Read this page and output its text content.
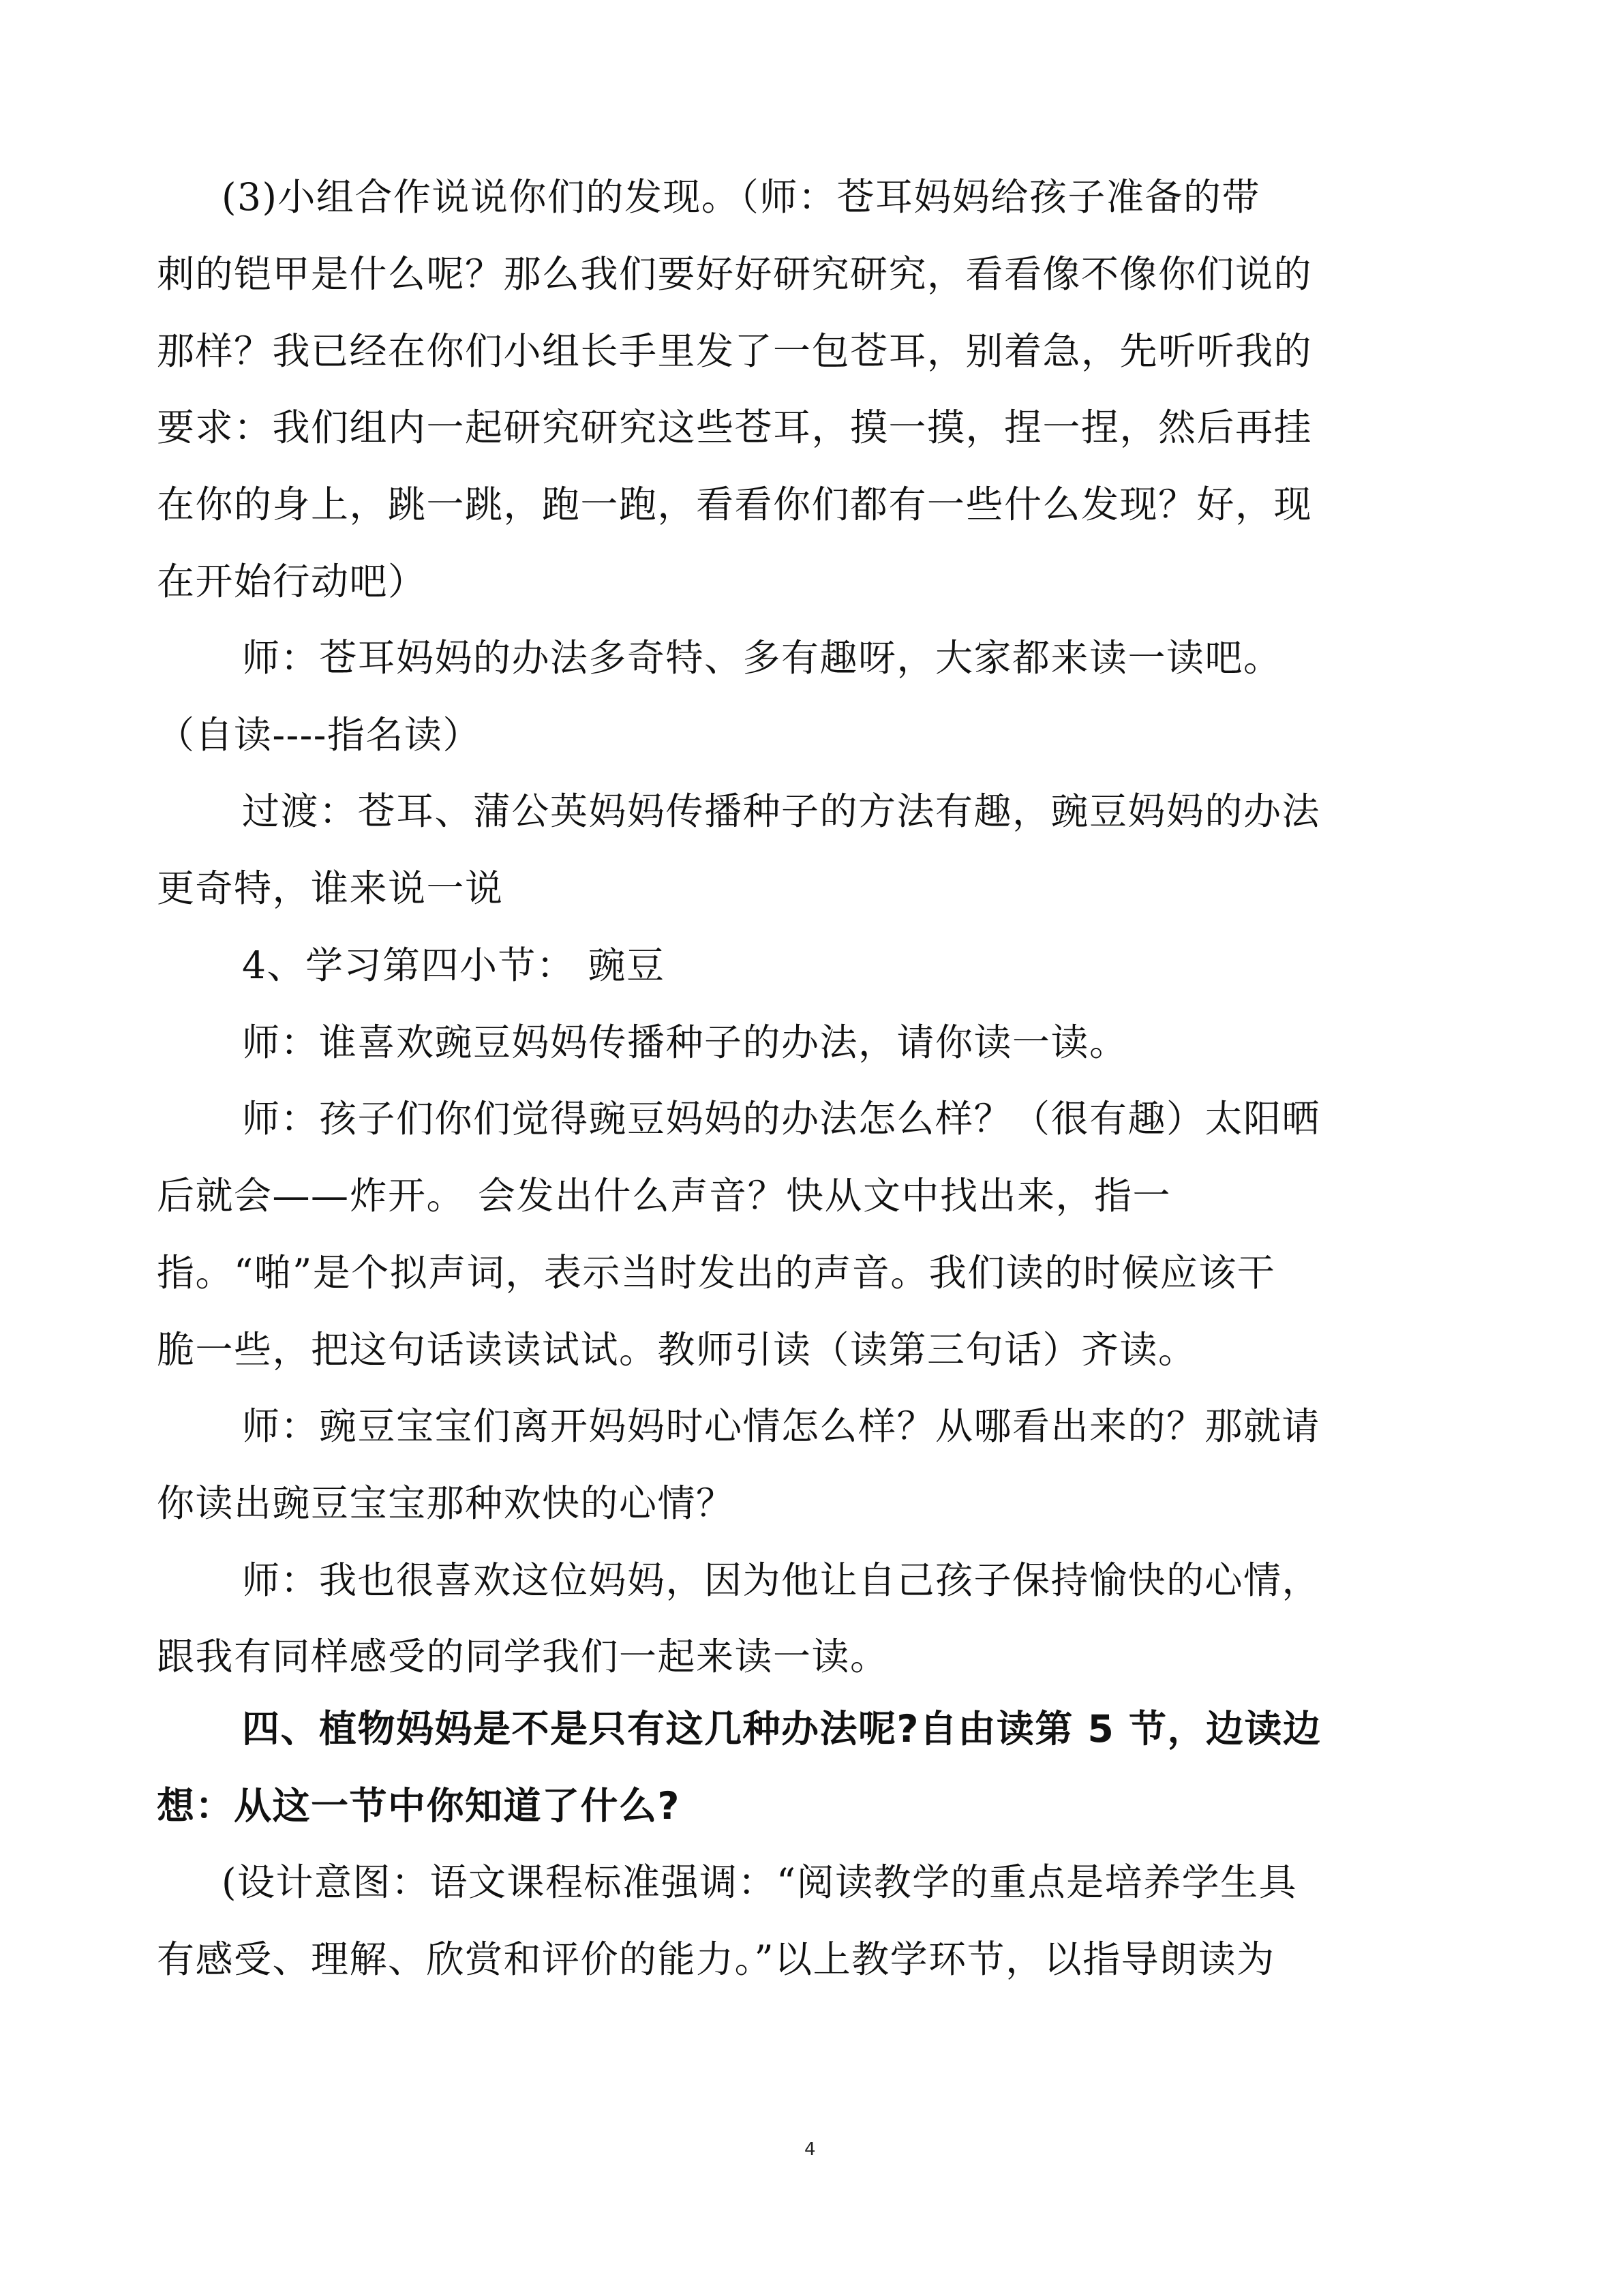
(3)小组合作说说你们的发现。（师：苍耳妈妈给孩子准备的带
刺的铠甲是什么呢？那么我们要好好研究研究，看看像不像你们说的
那样？我已经在你们小组长手里发了一包苍耳，别着急，先听听我的
要求：我们组内一起研究研究这些苍耳，摸一摸，捏一捏，然后再挂
在你的身上，跳一跳，跑一跑，看看你们都有一些什么发现？好，现
在开始行动吧）
师：苍耳妈妈的办法多奇特、多有趣呀，大家都来读一读吧。
（自读----指名读）
过渡：苍耳、蒲公英妈妈传播种子的方法有趣，豌豆妈妈的办法
更奇特，谁来说一说
4、学习第四小节： 豌豆
师：谁喜欢豌豆妈妈传播种子的办法，请你读一读。
师：孩子们你们觉得豌豆妈妈的办法怎么样？（很有趣）太阳晒
后就会——炸开。 会发出什么声音？快从文中找出来，指一
指。“啪”是个拟声词，表示当时发出的声音。我们读的时候应该干
脆一些，把这句话读读试试。教师引读（读第三句话）齐读。
师：豌豆宝宝们离开妈妈时心情怎么样？从哪看出来的？那就请
你读出豌豆宝宝那种欢快的心情？
师：我也很喜欢这位妈妈，因为他让自己孩子保持愉快的心情，
跟我有同样感受的同学我们一起来读一读。
四、植物妈妈是不是只有这几种办法呢?自由读第 5 节，边读边
想：从这一节中你知道了什么?
(设计意图：语文课程标准强调：“阅读教学的重点是培养学生具
有感受、理解、欣赏和评价的能力。”以上教学环节，以指导朗读为
4
